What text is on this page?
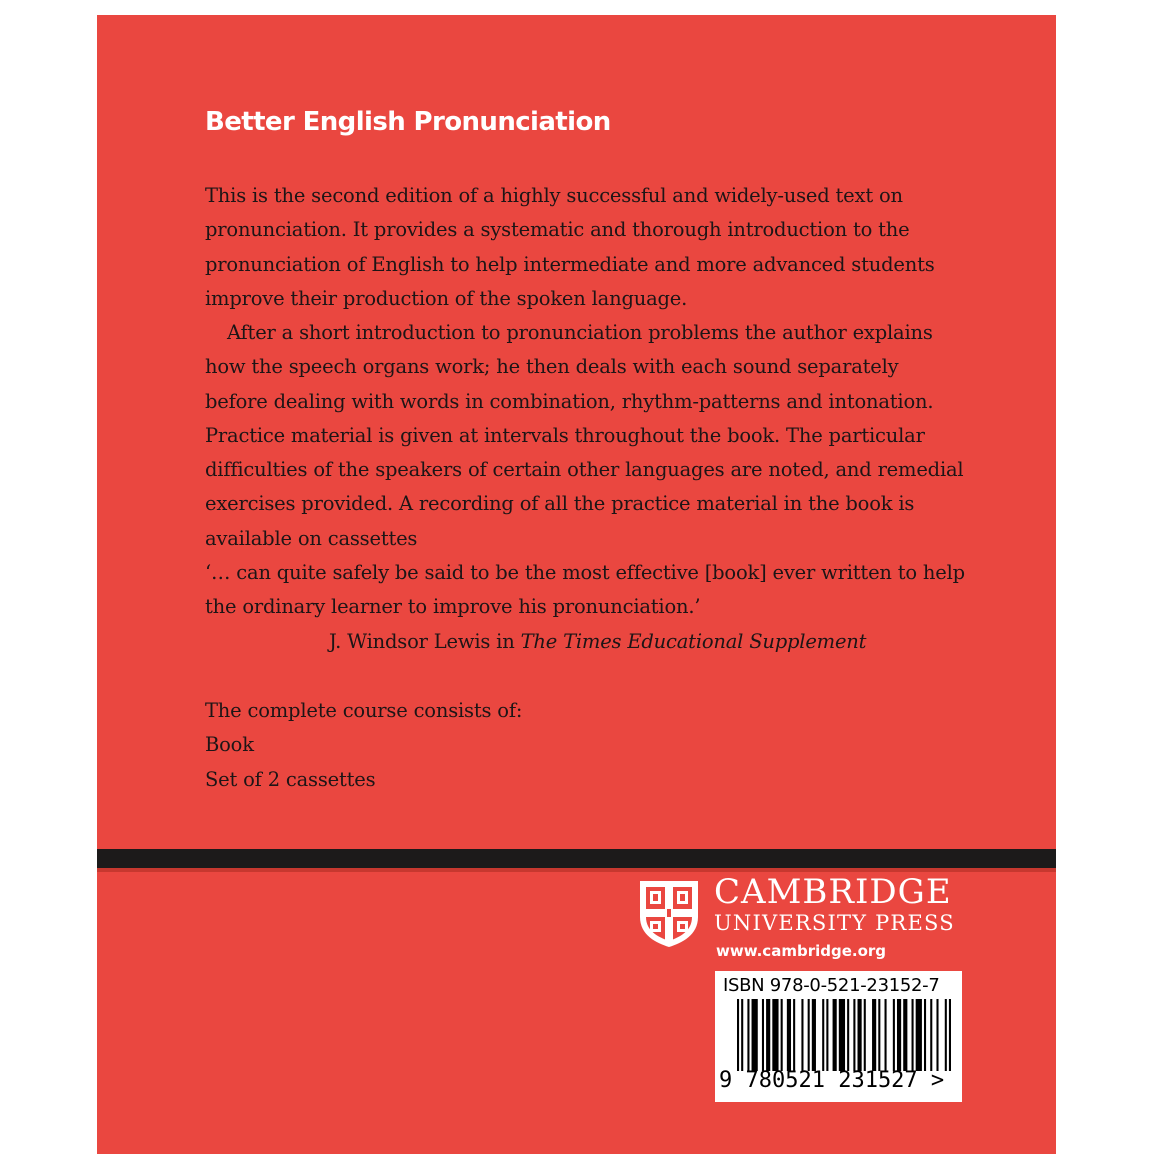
Better English Pronunciation

This is the second edition of a highly successful and widely-used text on pronunciation. It provides a systematic and thorough introduction to the pronunciation of English to help intermediate and more advanced students improve their production of the spoken language.

After a short introduction to pronunciation problems the author explains how the speech organs work; he then deals with each sound separately before dealing with words in combination, rhythm-patterns and intonation. Practice material is given at intervals throughout the book. The particular difficulties of the speakers of certain other languages are noted, and remedial exercises provided. A recording of all the practice material in the book is available on cassettes

‘… can quite safely be said to be the most effective [book] ever written to help the ordinary learner to improve his pronunciation.’

J. Windsor Lewis in The Times Educational Supplement
The complete course consists of:
Book
Set of 2 cassettes
CAMBRIDGE
UNIVERSITY PRESS
www.cambridge.org
ISBN 978-0-521-23152-7
9 780521 231527 >
